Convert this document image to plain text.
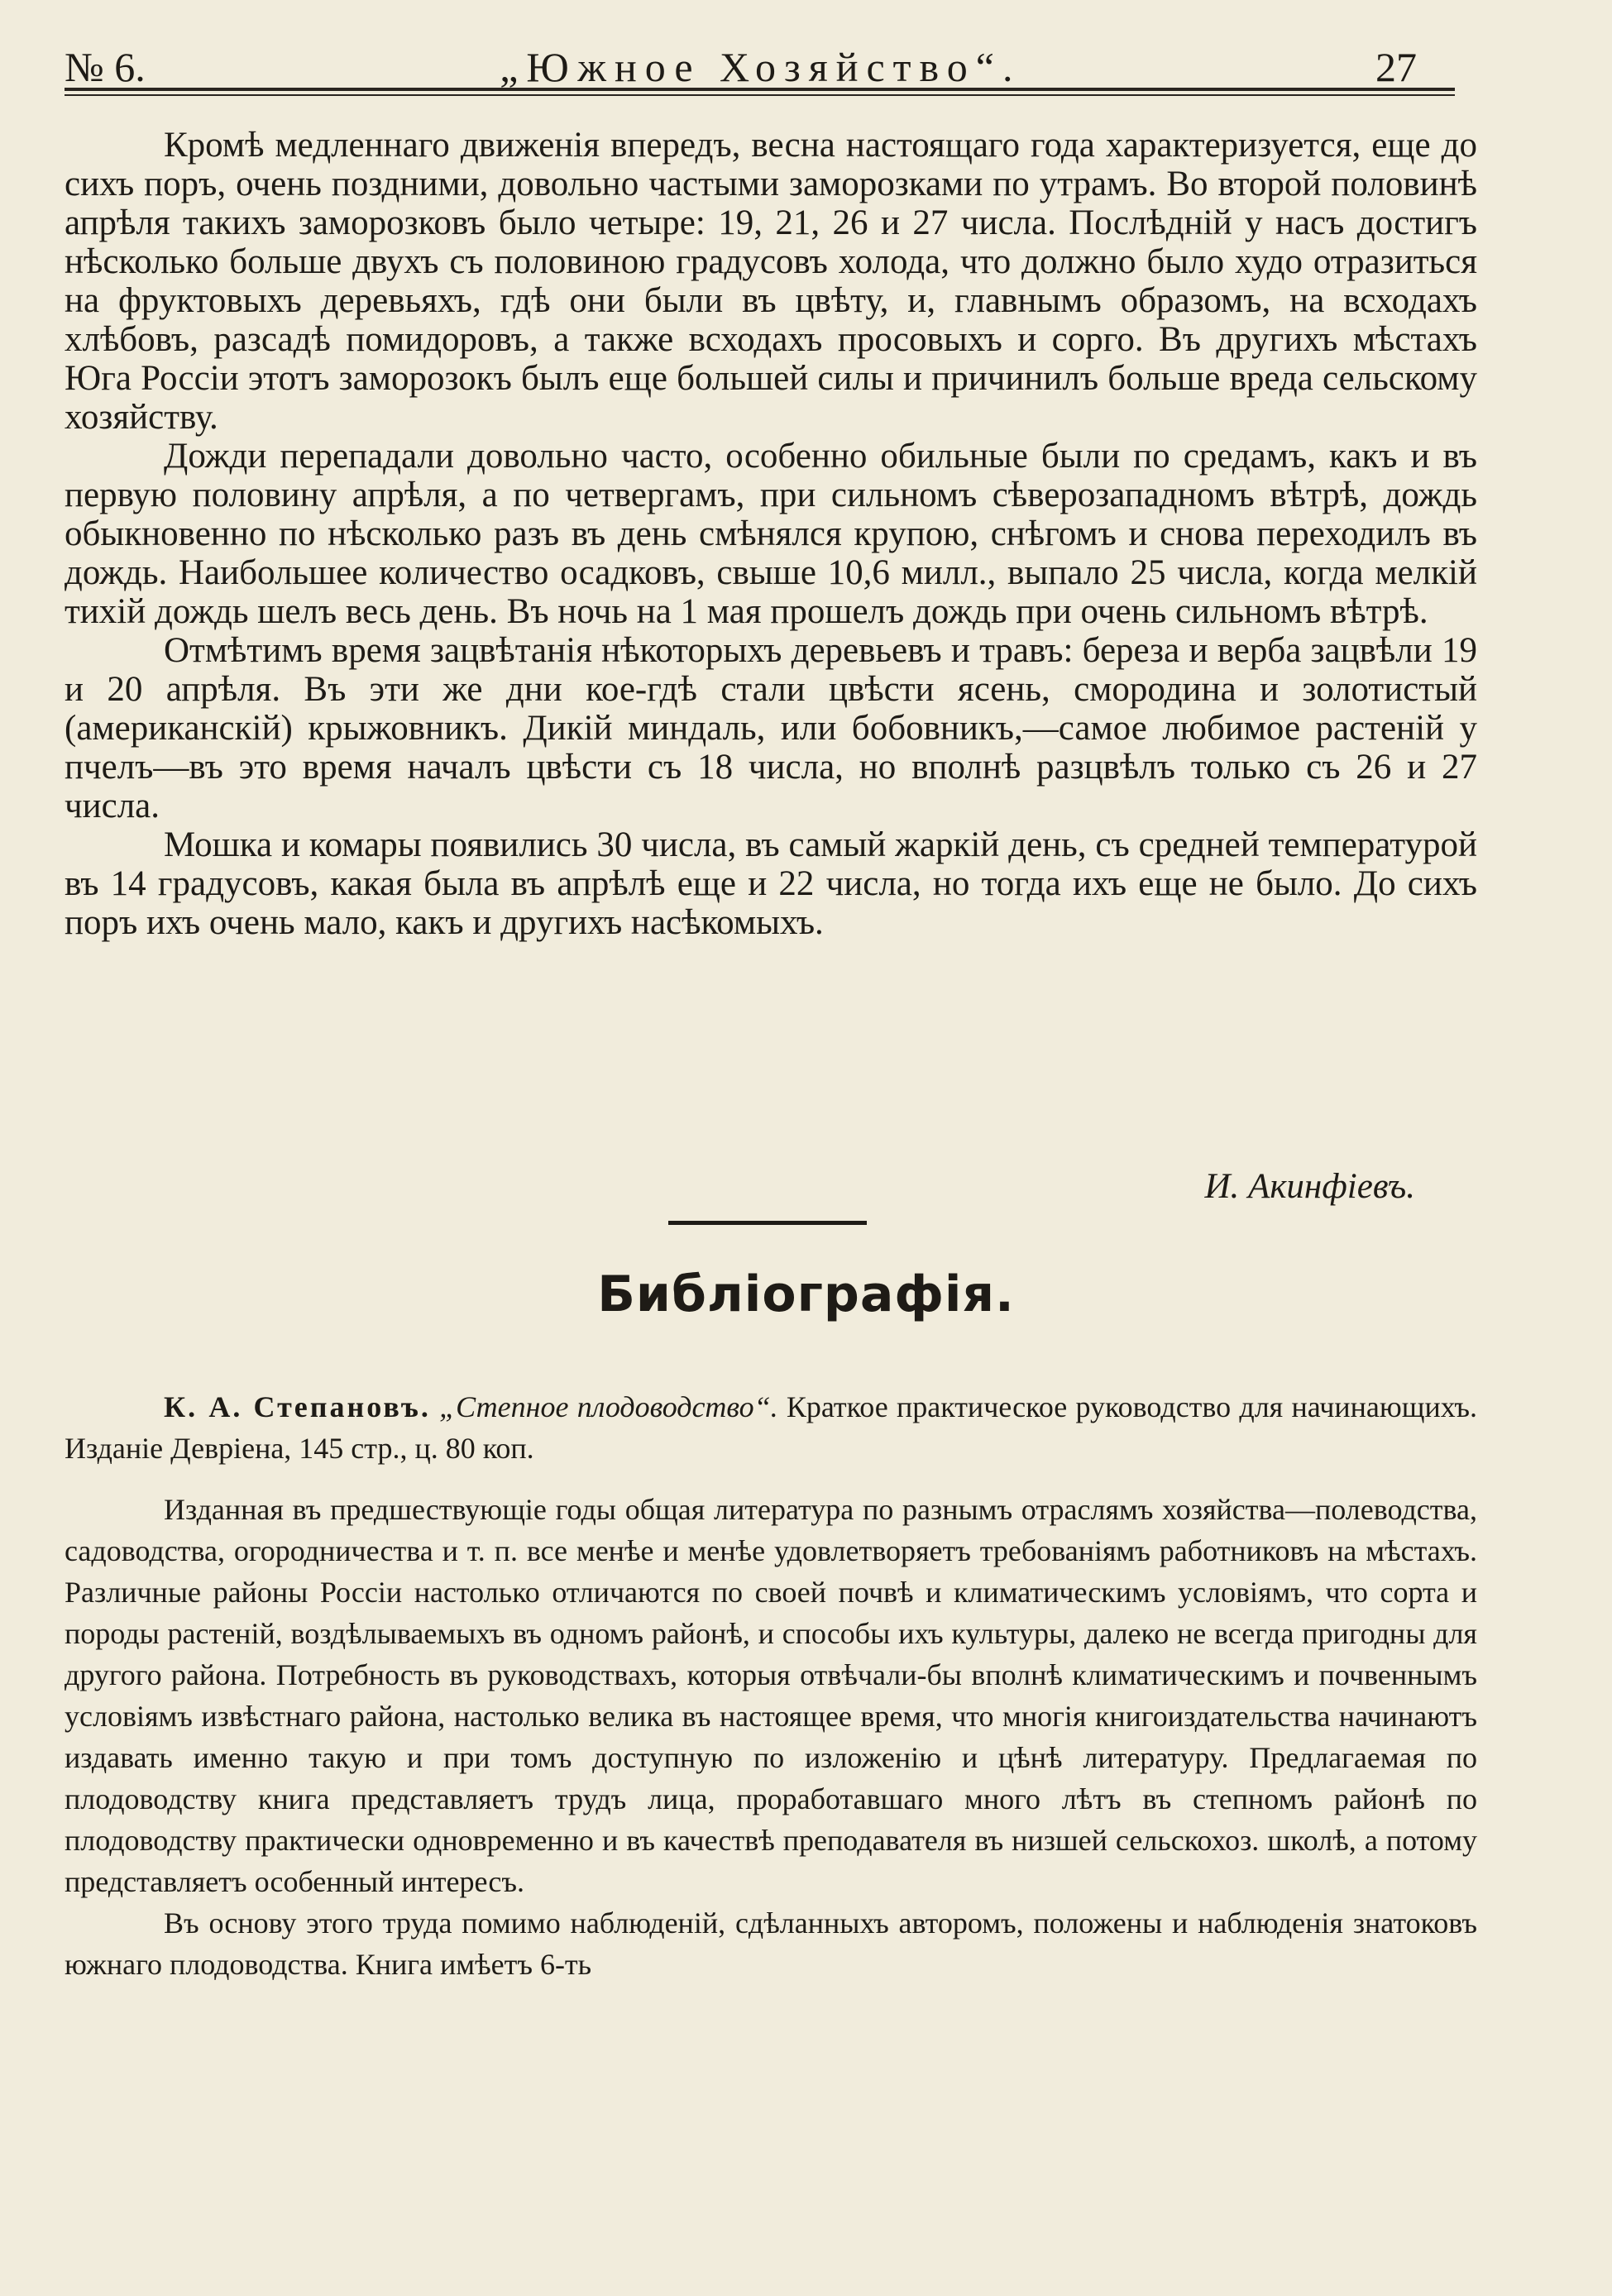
№ 6.	„Южное Хозяйство“.	27

Кромѣ медленнаго движенія впередъ, весна настоящаго года характеризуется, еще до сихъ поръ, очень поздними, довольно частыми заморозками по утрамъ. Во второй половинѣ апрѣля такихъ заморозковъ было четыре: 19, 21, 26 и 27 числа. Послѣдній у насъ достигъ нѣсколько больше двухъ съ половиною градусовъ холода, что должно было худо отразиться на фруктовыхъ деревьяхъ, гдѣ они были въ цвѣту, и, главнымъ образомъ, на всходахъ хлѣбовъ, разсадѣ помидоровъ, а также всходахъ просовыхъ и сорго. Въ другихъ мѣстахъ Юга Россіи этотъ заморозокъ былъ еще большей силы и причинилъ больше вреда сельскому хозяйству.

Дожди перепадали довольно часто, особенно обильные были по средамъ, какъ и въ первую половину апрѣля, а по четвергамъ, при сильномъ сѣверозападномъ вѣтрѣ, дождь обыкновенно по нѣсколько разъ въ день смѣнялся крупою, снѣгомъ и снова переходилъ въ дождь. Наибольшее количество осадковъ, свыше 10,6 милл., выпало 25 числа, когда мелкій тихій дождь шелъ весь день. Въ ночь на 1 мая прошелъ дождь при очень сильномъ вѣтрѣ.

Отмѣтимъ время зацвѣтанія нѣкоторыхъ деревьевъ и травъ: береза и верба зацвѣли 19 и 20 апрѣля. Въ эти же дни кое-гдѣ стали цвѣсти ясень, смородина и золотистый (американскій) крыжовникъ. Дикій миндаль, или бобовникъ,—самое любимое растеній у пчелъ—въ это время началъ цвѣсти съ 18 числа, но вполнѣ разцвѣлъ только съ 26 и 27 числа.

Мошка и комары появились 30 числа, въ самый жаркій день, съ средней температурой въ 14 градусовъ, какая была въ апрѣлѣ еще и 22 числа, но тогда ихъ еще не было. До сихъ поръ ихъ очень мало, какъ и другихъ насѣкомыхъ.

И. Акинфіевъ.
Библіографія.
К. А. Степановъ. „Степное плодоводство“. Краткое практическое руководство для начинающихъ. Изданіе Девріена, 145 стр., ц. 80 коп.

Изданная въ предшествующіе годы общая литература по разнымъ отраслямъ хозяйства—полеводства, садоводства, огородничества и т. п. все менѣе и менѣе удовлетворяетъ требованіямъ работниковъ на мѣстахъ. Различные районы Россіи настолько отличаются по своей почвѣ и климатическимъ условіямъ, что сорта и породы растеній, воздѣлываемыхъ въ одномъ районѣ, и способы ихъ культуры, далеко не всегда пригодны для другого района. Потребность въ руководствахъ, которыя отвѣчали-бы вполнѣ климатическимъ и почвеннымъ условіямъ извѣстнаго района, настолько велика въ настоящее время, что многія книгоиздательства начинаютъ издавать именно такую и при томъ доступную по изложенію и цѣнѣ литературу. Предлагаемая по плодоводству книга представляетъ трудъ лица, проработавшаго много лѣтъ въ степномъ районѣ по плодоводству практически одновременно и въ качествѣ преподавателя въ низшей сельскохоз. школѣ, а потому представляетъ особенный интересъ.

Въ основу этого труда помимо наблюденій, сдѣланныхъ авторомъ, положены и наблюденія знатоковъ южнаго плодоводства. Книга имѣетъ 6-ть
